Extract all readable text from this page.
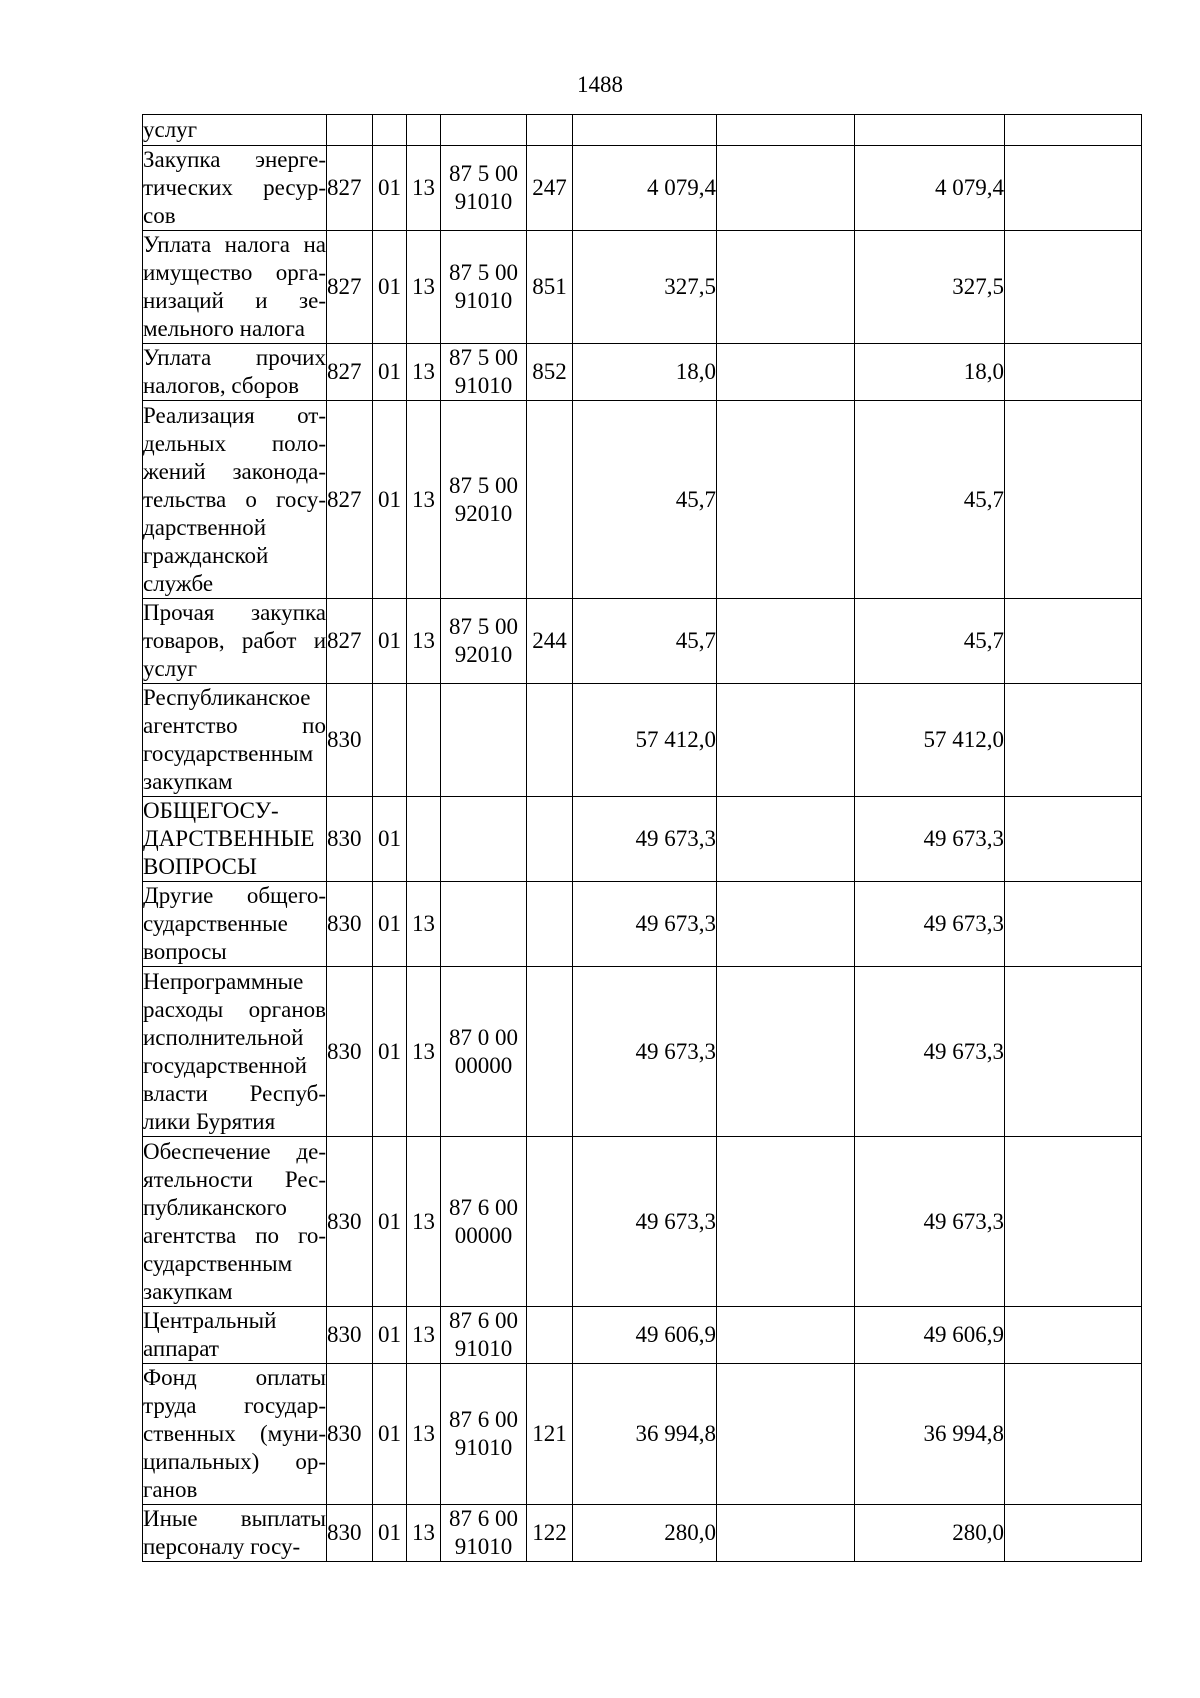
1488
услуг									
Закупка энерге-тических ресур-сов	827	01	13	87 5 00 91010	247	4 079,4		4 079,4	
Уплата налога на имущество орга-низаций и зе-мельного налога	827	01	13	87 5 00 91010	851	327,5		327,5	
Уплата прочих налогов, сборов	827	01	13	87 5 00 91010	852	18,0		18,0	
Реализация от-дельных поло-жений законода-тельства о госу-дарственной гражданской службе	827	01	13	87 5 00 92010		45,7		45,7	
Прочая закупка товаров, работ и услуг	827	01	13	87 5 00 92010	244	45,7		45,7	
Республиканское агентство по государственным закупкам	830					57 412,0		57 412,0	
ОБЩЕГОСУ-ДАРСТВЕННЫЕ ВОПРОСЫ	830	01				49 673,3		49 673,3	
Другие общего-сударственные вопросы	830	01	13			49 673,3		49 673,3	
Непрограммные расходы органов исполнительной государственной власти Респуб-лики Бурятия	830	01	13	87 0 00 00000		49 673,3		49 673,3	
Обеспечение де-ятельности Рес-публиканского агентства по го-сударственным закупкам	830	01	13	87 6 00 00000		49 673,3		49 673,3	
Центральный аппарат	830	01	13	87 6 00 91010		49 606,9		49 606,9	
Фонд оплаты труда государ-ственных (муни-ципальных) ор-ганов	830	01	13	87 6 00 91010	121	36 994,8		36 994,8	
Иные выплаты персоналу госу-	830	01	13	87 6 00 91010	122	280,0		280,0	
